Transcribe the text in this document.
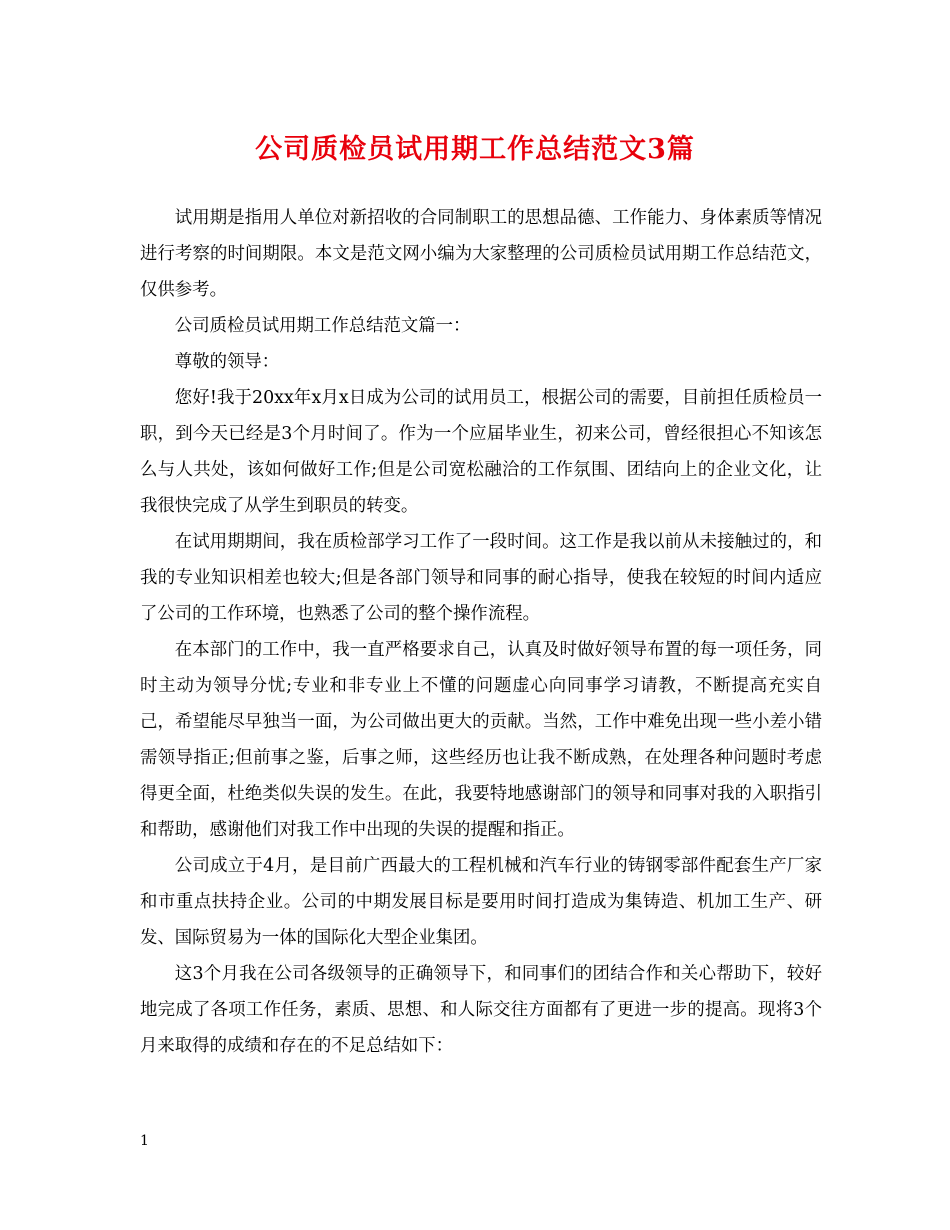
公司质检员试用期工作总结范文3篇

试用期是指用人单位对新招收的合同制职工的思想品德、工作能力、身体素质等情况进行考察的时间期限。本文是范文网小编为大家整理的公司质检员试用期工作总结范文，仅供参考。

公司质检员试用期工作总结范文篇一：

尊敬的领导：

您好!我于20xx年x月x日成为公司的试用员工，根据公司的需要，目前担任质检员一职，到今天已经是3个月时间了。作为一个应届毕业生，初来公司，曾经很担心不知该怎么与人共处，该如何做好工作;但是公司宽松融洽的工作氛围、团结向上的企业文化，让我很快完成了从学生到职员的转变。

在试用期期间，我在质检部学习工作了一段时间。这工作是我以前从未接触过的，和我的专业知识相差也较大;但是各部门领导和同事的耐心指导，使我在较短的时间内适应了公司的工作环境，也熟悉了公司的整个操作流程。

在本部门的工作中，我一直严格要求自己，认真及时做好领导布置的每一项任务，同时主动为领导分忧;专业和非专业上不懂的问题虚心向同事学习请教，不断提高充实自己，希望能尽早独当一面，为公司做出更大的贡献。当然，工作中难免出现一些小差小错需领导指正;但前事之鉴，后事之师，这些经历也让我不断成熟，在处理各种问题时考虑得更全面，杜绝类似失误的发生。在此，我要特地感谢部门的领导和同事对我的入职指引和帮助，感谢他们对我工作中出现的失误的提醒和指正。

公司成立于4月，是目前广西最大的工程机械和汽车行业的铸钢零部件配套生产厂家和市重点扶持企业。公司的中期发展目标是要用时间打造成为集铸造、机加工生产、研发、国际贸易为一体的国际化大型企业集团。

这3个月我在公司各级领导的正确领导下，和同事们的团结合作和关心帮助下，较好地完成了各项工作任务，素质、思想、和人际交往方面都有了更进一步的提高。现将3个月来取得的成绩和存在的不足总结如下：

1
